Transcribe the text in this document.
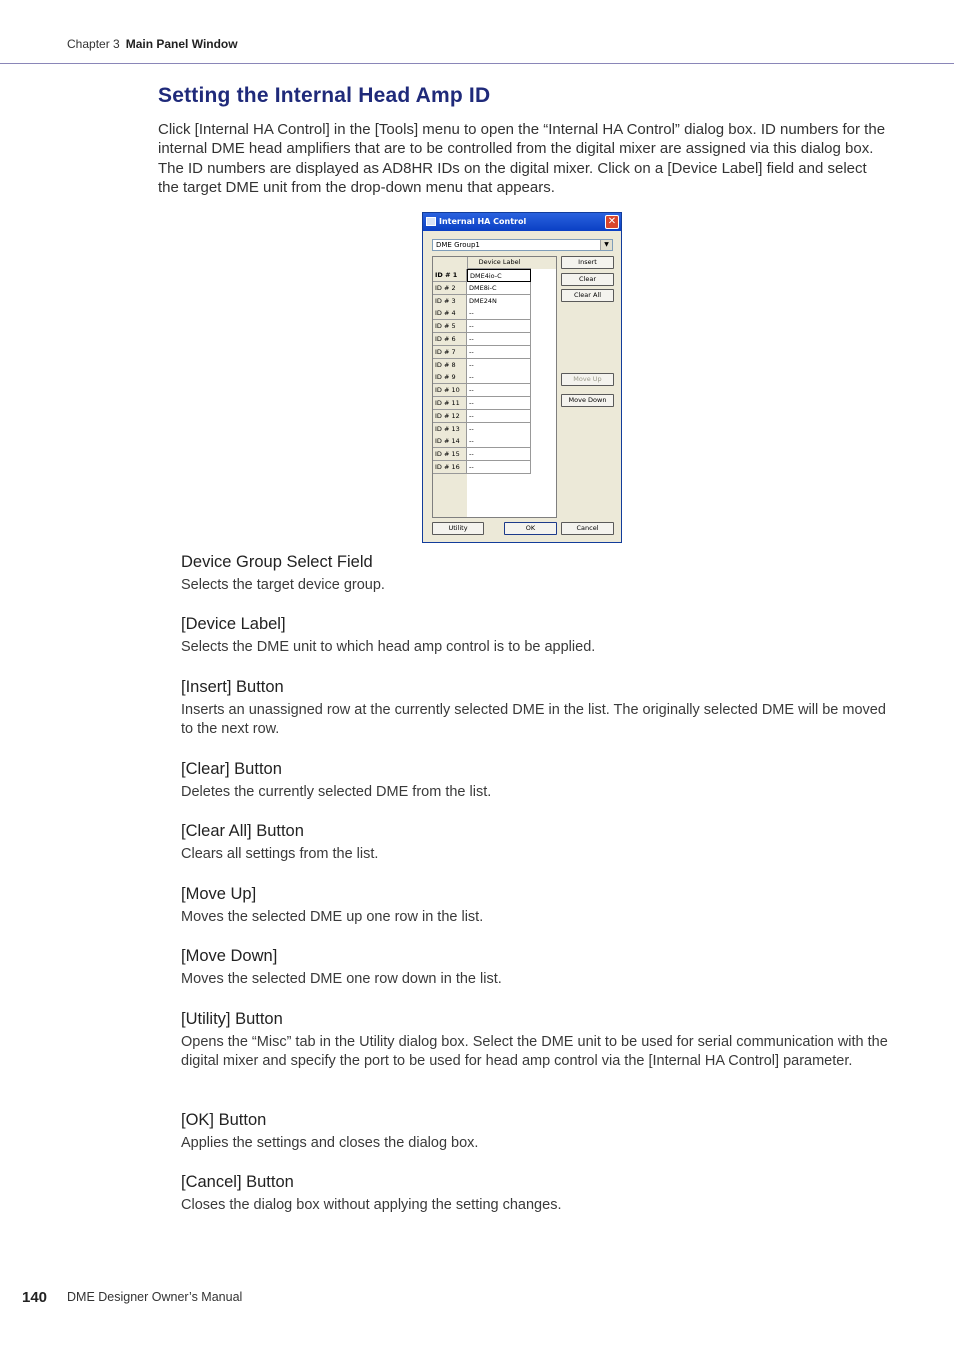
Chapter 3 Main Panel Window
Setting the Internal Head Amp ID

Click [Internal HA Control] in the [Tools] menu to open the “Internal HA Control” dialog box. ID numbers for the internal DME head amplifiers that are to be controlled from the digital mixer are assigned via this dialog box. The ID numbers are displayed as AD8HR IDs on the digital mixer. Click on a [Device Label] field and select the target DME unit from the drop-down menu that appears.

Internal HA Control	✕
DME Group1	▼
Device Label
ID # 1	DME4io-C
ID # 2	DME8i-C
ID # 3	DME24N
ID # 4	--
ID # 5	--
ID # 6	--
ID # 7	--
ID # 8	--
ID # 9	--
ID # 10	--
ID # 11	--
ID # 12	--
ID # 13	--
ID # 14	--
ID # 15	--
ID # 16	--
Insert
Clear
Clear All
Move Up
Move Down
Utility	OK	Cancel

Device Group Select Field

Selects the target device group.

[Device Label]

Selects the DME unit to which head amp control is to be applied.

[Insert] Button

Inserts an unassigned row at the currently selected DME in the list. The originally selected DME will be moved to the next row.

[Clear] Button

Deletes the currently selected DME from the list.

[Clear All] Button

Clears all settings from the list.

[Move Up]

Moves the selected DME up one row in the list.

[Move Down]

Moves the selected DME one row down in the list.

[Utility] Button

Opens the “Misc” tab in the Utility dialog box. Select the DME unit to be used for serial communication with the digital mixer and specify the port to be used for head amp control via the [Internal HA Control] parameter.

[OK] Button

Applies the settings and closes the dialog box.

[Cancel] Button

Closes the dialog box without applying the setting changes.

140 DME Designer Owner’s Manual
